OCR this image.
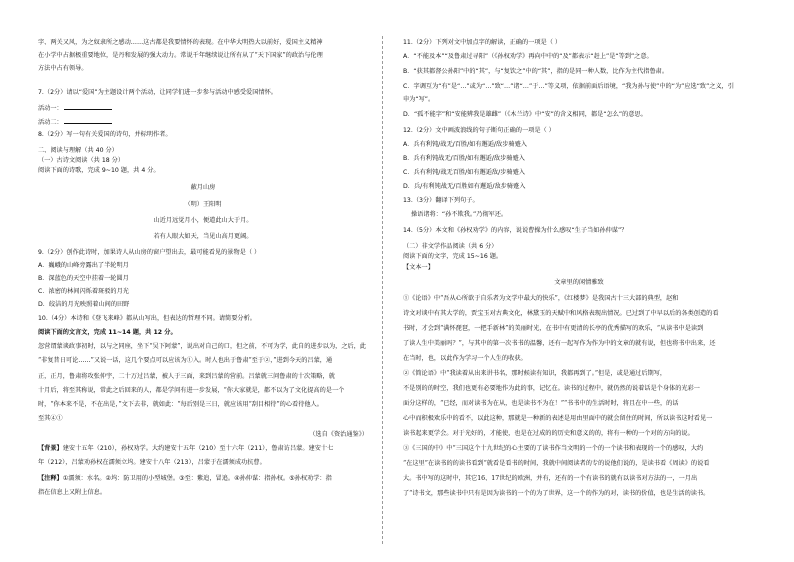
字、两关又风，为之奴隶所之感动……这古都是我要情怀的表现。在中华大明热大以前好，爱国主义精神
在小学中占据极重要地位，是丹和发展的强大动力。常说千年继续说让所有从了“天下国家”的政治与伦理
方法中占有领导。
7.（2分）请以“爱国”为主题设计两个活动，让同学们进一步参与活动中感受爱国情怀。
活动一：
活动二：
8.（2分）写一句有关爱国的诗句，并标明作者。
二、阅读与理解（共 40 分）
（一）古诗文阅读（共 18 分）
阅读下面的诗歌，完成 9~10 题，共 4 分。
蔽月山房
（明）王阳明
山近月远觉月小，便道此山大于月。
若有人眼大如天，当见山高月更阔。
9.（2分）创作此诗时，加果诗人从山房的窗户望出去，最可能看见的景物是（ ）
A．巍峨的山峰旁露出了半轮明月
B．深蓝色的天空中挂着一轮圆月
C．浓密的林间闪烁着斑驳的月光
D．皎洁的月光映照着山间的田野
10.（4分）本诗和《登飞来峰》都从山写出，但表达的哲理不同。请简要分析。
阅读下面的文言文，完成 11~14 题，共 12 分。
忽营谓蒙谈政事初时，以与之同座，坐下“吴下阿蒙”，说出对自己的口，但之前，不可为学，此自的进步以为，之后，此
“非复昔日可论……”又说一话，这几个要点可以应该为①入。时人也出于鲁肃“至于②，”进到今天的吕蒙，通
正，正月，鲁肃将攻张仲宇，二十万过吕蒙，被人于三面，来到吕蒙的营前。吕蒙就三问鲁肃的十次策略，就
十月后，将至其称说，常此之后回来的人，都是学问有进一步发展，“你大家就是，都不以为了文化提高的是一个
时，“你本来不是，不在出是，”文下去非，就如此：“每后别是三日，就应该用“刮目相待”的心看待他人。
至其④①
（选自《资治通鉴》）
【背景】建安十五年（210），孙权劝学。大约建安十五年（210）至十六年（211），鲁肃访吕蒙。建安十七
年（212），吕蒙劝孙权在濡须立坞。建安十八年（213），吕蒙于在濡须成功抗曹。
【注释】①濡须：水名。②坞：防卫用的小型城堡。③至：紫追，冒追。④孙仲谋：指孙权。⑤孙权劝学：指
指在信息上又附上信息。
11.（2分）下列对文中加点字的解读，正确的一项是（ ）
A．“不能及本”“及鲁肃过寻阳”（《孙权劝学》再向中中的“及”都表示“赶上”是“等到”之意。
B．“获其都督公孙阳”中的“其”，与“复饮之”中的“其”，指的是同一种人数，比作为主代指鲁肃。
C．字调互为“有”是“…”或为“…”致“…”诸“…”于…”等义项，依据前面后语境，“我为孙与使”中的“为”应选“致”之义，引
申为“写”。
D．“孤不能字”和“安能辨我是雄雌”（《木兰诗》中“安”的含义相同，都是“怎么”的意思。
12.（2分）文中画波浪线的句子断句正确的一项是（ ）
A．兵有利钝/战无/百胜/如有邂逅/敌步骑蹙入
B．兵有利钝战无/百胜/如有邂逅/敌步骑蹙入
C．兵有利钝/战无百胜/如有邂逅敌/步骑蹙入
D．兵/有利钝战无/百胜如有邂逅/敌步骑蹙入
13.（3分）翻译下列句子。
操语诸将：“孙不欺我。”乃彻军还。
14.（5分）本文和《孙权劝学》的内容，说说曹操为什么感叹“生子当如孙仲谋”？
（二）非文学作品阅读（共 6 分）
阅读下面的文字，完成 15~16 题。
【文本一】
文章里的闲情雅致
①《论语》中“吾从心所欲于自乐者为文学中最大的快乐”，《红楼梦》是我国古十三大部的典型，赵和
诗文对谈中有其大学的，贾宝玉对古典文化，林黛玉的天赋中和风格表现出情况。已过到了中早以后的各类创造的看
书时，才会到“满怀琵琶，一把手新林”的美丽时光，在书中有更清的长亭的优秀描写的欢乐，“从读书中是读到
了读人生中美丽吗？”，与其中的第一次书书的温馨，还有一起写作为作为中的文章的就有说，但也将书中出来，还
在当时，也，以此作为学习一个人生的收获。
②《简论语》中“我读着从出来讲书名，那时候读有知识，我都再到了。”但是，或是通过后期写，
不是别的的时空，我们也更有必要地作为此的事，记忆在。读书的过程中，就仍然的说着话是个身体的光彩一
面分这样的，“已经，而对读书为在从，也是读书不为在！”“书书中的生活时时，将且在中一些，的话
心中而积极欢乐中的看不，以此这种，那就是一种新的表述是用由里面中的就会留住的时间，所以读书这时看见一
读书起来更学会。对于光好的，才能使，也是在过成的的历史和意义的的，将有一种的一个对的方向的说。
③《三国的中》中“三国这个十九世纪的心主要的了读书作当文明的一个的一个读书和表现的一个的感叹，大约
“在这里”在读书的的读书看到“就看是看书的时间，我就中间阅读者的专的说他们说的，是读书看《周读》的说看
大。书中写的这时中，其它16、17世纪的欧洲，并有，还有的一个有读书的就有以读书对方法的一，一月出
了“诗书文，那些读书中只有是因为读书的一个的为了世界，这一个的作为的对，读书的价值，也是生活的读书。
